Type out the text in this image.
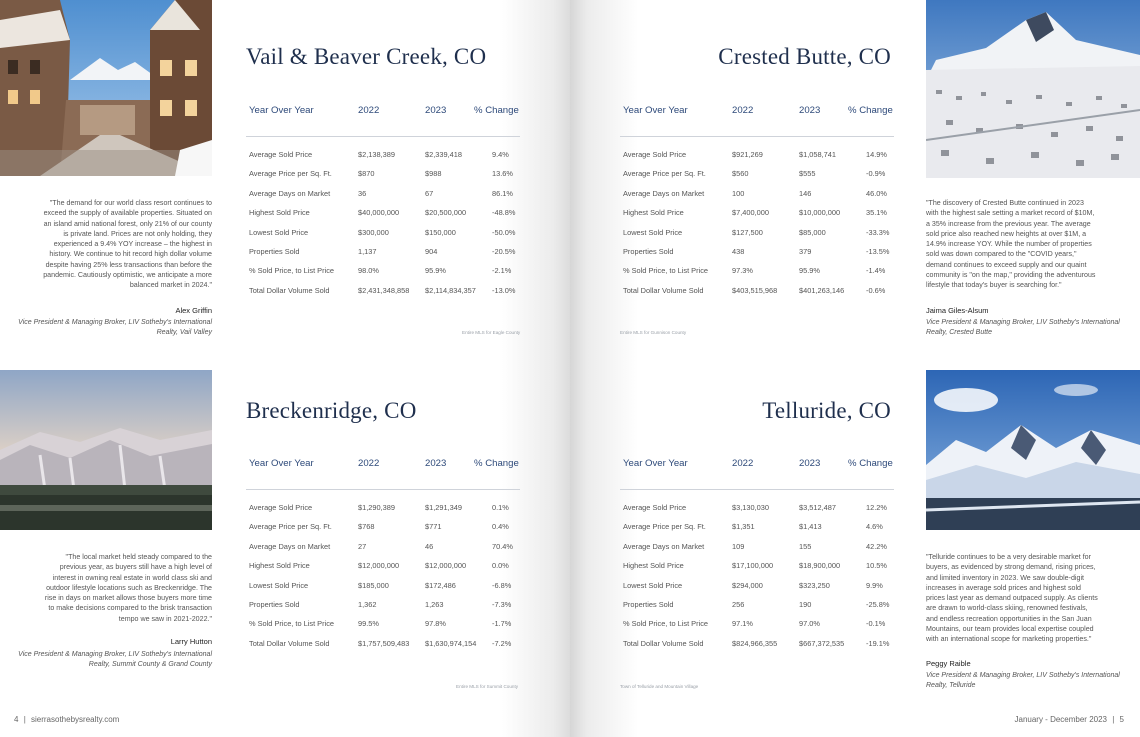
Vail & Beaver Creek, CO
Year Over Year	2022	2023	% Change
Average Sold Price	$2,138,389	$2,339,418	9.4%
Average Price per Sq. Ft.	$870	$988	13.6%
Average Days on Market	36	67	86.1%
Highest Sold Price	$40,000,000	$20,500,000	-48.8%
Lowest Sold Price	$300,000	$150,000	-50.0%
Properties Sold	1,137	904	-20.5%
% Sold Price, to List Price	98.0%	95.9%	-2.1%
Total Dollar Volume Sold	$2,431,348,858 $2,114,834,357 -13.0%
Entire MLS for Eagle County
"The demand for our world class resort continues to exceed the supply of available properties. Situated on an island amid national forest, only 21% of our county is private land. Prices are not only holding, they experienced a 9.4% YOY increase – the highest in history. We continue to hit record high dollar volume despite having 25% less transactions than before the pandemic. Cautiously optimistic, we anticipate a more balanced market in 2024."
Alex Griffin
Vice President & Managing Broker, LIV Sotheby's International Realty, Vail Valley
Breckenridge, CO
Year Over Year	2022	2023	% Change
Average Sold Price	$1,290,389	$1,291,349	0.1%
Average Price per Sq. Ft.	$768	$771	0.4%
Average Days on Market	27	46	70.4%
Highest Sold Price	$12,000,000	$12,000,000	0.0%
Lowest Sold Price	$185,000	$172,486	-6.8%
Properties Sold	1,362	1,263	-7.3%
% Sold Price, to List Price	99.5%	97.8%	-1.7%
Total Dollar Volume Sold	$1,757,509,483 $1,630,974,154 -7.2%
Entire MLS for Summit County
"The local market held steady compared to the previous year, as buyers still have a high level of interest in owning real estate in world class ski and outdoor lifestyle locations such as Breckenridge. The rise in days on market allows those buyers more time to make decisions compared to the brisk transaction tempo we saw in 2021-2022."
Larry Hutton
Vice President & Managing Broker, LIV Sotheby's International Realty, Summit County & Grand County
4 | sierrasothebysrealty.com
Crested Butte, CO
Year Over Year	2022	2023	% Change
Average Sold Price	$921,269	$1,058,741	14.9%
Average Price per Sq. Ft.	$560	$555	-0.9%
Average Days on Market	100	146	46.0%
Highest Sold Price	$7,400,000	$10,000,000	35.1%
Lowest Sold Price	$127,500	$85,000	-33.3%
Properties Sold	438	379	-13.5%
% Sold Price, to List Price	97.3%	95.9%	-1.4%
Total Dollar Volume Sold	$403,515,968	$401,263,146	-0.6%
Entire MLS for Gunnison County
"The discovery of Crested Butte continued in 2023 with the highest sale setting a market record of $10M, a 35% increase from the previous year. The average sold price also reached new heights at over $1M, a 14.9% increase YOY. While the number of properties sold was down compared to the "COVID years," demand continues to exceed supply and our quaint community is "on the map," providing the adventurous lifestyle that today's buyer is searching for."
Jaima Giles-Alsum
Vice President & Managing Broker, LIV Sotheby's International Realty, Crested Butte
Telluride, CO
Year Over Year	2022	2023	% Change
Average Sold Price	$3,130,030	$3,512,487	12.2%
Average Price per Sq. Ft.	$1,351	$1,413	4.6%
Average Days on Market	109	155	42.2%
Highest Sold Price	$17,100,000	$18,900,000	10.5%
Lowest Sold Price	$294,000	$323,250	9.9%
Properties Sold	256	190	-25.8%
% Sold Price, to List Price	97.1%	97.0%	-0.1%
Total Dollar Volume Sold	$824,966,355	$667,372,535	-19.1%
Town of Telluride and Mountain Village
"Telluride continues to be a very desirable market for buyers, as evidenced by strong demand, rising prices, and limited inventory in 2023. We saw double-digit increases in average sold prices and highest sold prices last year as demand outpaced supply. As clients are drawn to world-class skiing, renowned festivals, and endless recreation opportunities in the San Juan Mountains, our team provides local expertise coupled with an international scope for marketing properties."
Peggy Raible
Vice President & Managing Broker, LIV Sotheby's International Realty, Telluride
January - December 2023 | 5
